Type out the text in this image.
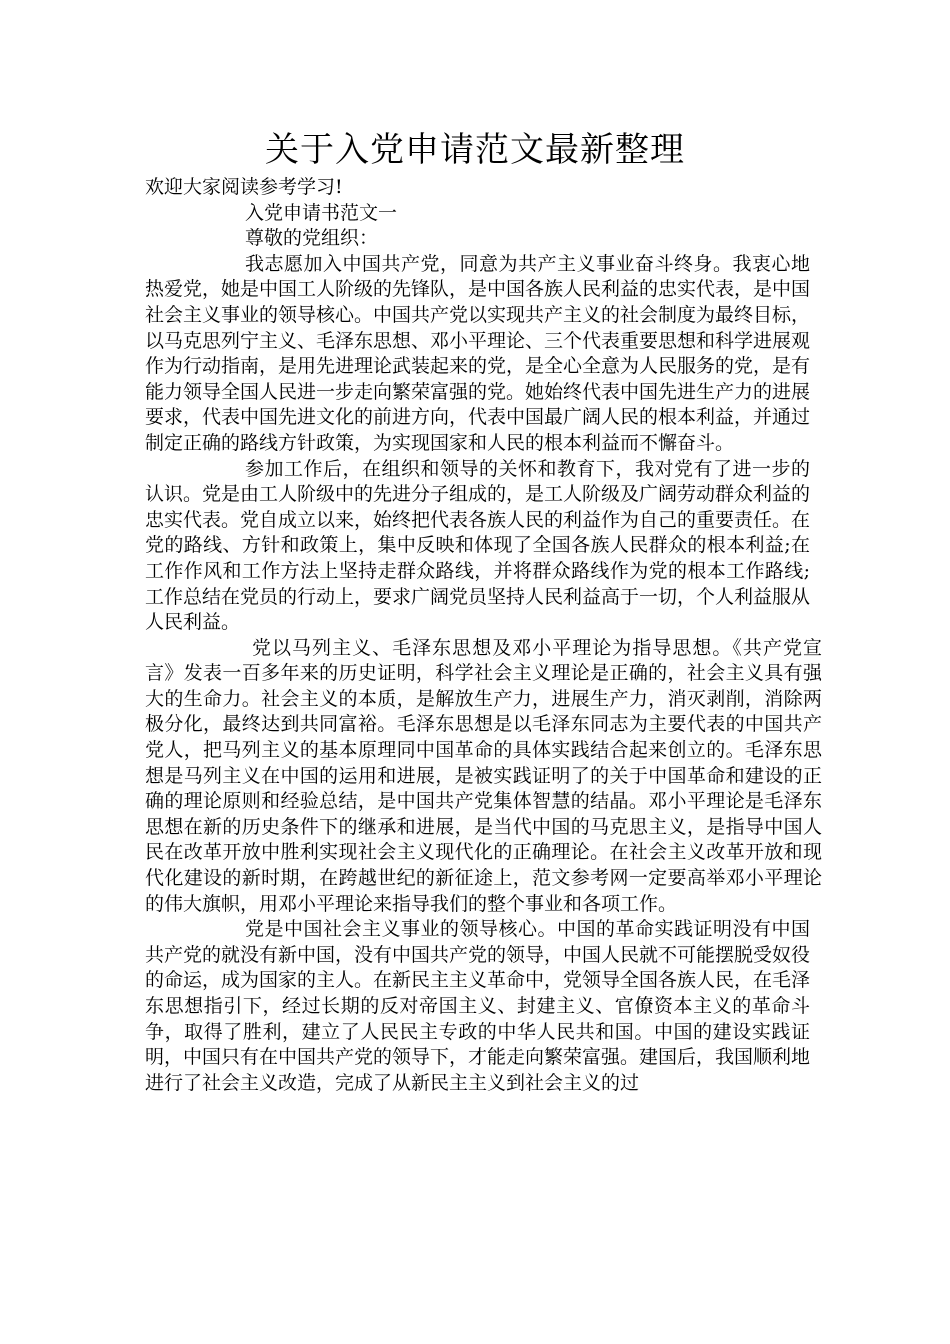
关于入党申请范文最新整理

欢迎大家阅读参考学习!

入党申请书范文一

尊敬的党组织：

我志愿加入中国共产党，同意为共产主义事业奋斗终身。我衷心地热爱党，她是中国工人阶级的先锋队，是中国各族人民利益的忠实代表，是中国社会主义事业的领导核心。中国共产党以实现共产主义的社会制度为最终目标，以马克思列宁主义、毛泽东思想、邓小平理论、三个代表重要思想和科学进展观作为行动指南，是用先进理论武装起来的党，是全心全意为人民服务的党，是有能力领导全国人民进一步走向繁荣富强的党。她始终代表中国先进生产力的进展要求，代表中国先进文化的前进方向，代表中国最广阔人民的根本利益，并通过制定正确的路线方针政策，为实现国家和人民的根本利益而不懈奋斗。

参加工作后，在组织和领导的关怀和教育下，我对党有了进一步的认识。党是由工人阶级中的先进分子组成的，是工人阶级及广阔劳动群众利益的忠实代表。党自成立以来，始终把代表各族人民的利益作为自己的重要责任。在党的路线、方针和政策上，集中反映和体现了全国各族人民群众的根本利益;在工作作风和工作方法上坚持走群众路线，并将群众路线作为党的根本工作路线;工作总结在党员的行动上，要求广阔党员坚持人民利益高于一切，个人利益服从人民利益。

党以马列主义、毛泽东思想及邓小平理论为指导思想。《共产党宣言》发表一百多年来的历史证明，科学社会主义理论是正确的，社会主义具有强大的生命力。社会主义的本质，是解放生产力，进展生产力，消灭剥削，消除两极分化，最终达到共同富裕。毛泽东思想是以毛泽东同志为主要代表的中国共产党人，把马列主义的基本原理同中国革命的具体实践结合起来创立的。毛泽东思想是马列主义在中国的运用和进展，是被实践证明了的关于中国革命和建设的正确的理论原则和经验总结，是中国共产党集体智慧的结晶。邓小平理论是毛泽东思想在新的历史条件下的继承和进展，是当代中国的马克思主义，是指导中国人民在改革开放中胜利实现社会主义现代化的正确理论。在社会主义改革开放和现代化建设的新时期，在跨越世纪的新征途上，范文参考网一定要高举邓小平理论的伟大旗帜，用邓小平理论来指导我们的整个事业和各项工作。

党是中国社会主义事业的领导核心。中国的革命实践证明没有中国共产党的就没有新中国，没有中国共产党的领导，中国人民就不可能摆脱受奴役的命运，成为国家的主人。在新民主主义革命中，党领导全国各族人民，在毛泽东思想指引下，经过长期的反对帝国主义、封建主义、官僚资本主义的革命斗争，取得了胜利，建立了人民民主专政的中华人民共和国。中国的建设实践证明，中国只有在中国共产党的领导下，才能走向繁荣富强。建国后，我国顺利地进行了社会主义改造，完成了从新民主主义到社会主义的过
